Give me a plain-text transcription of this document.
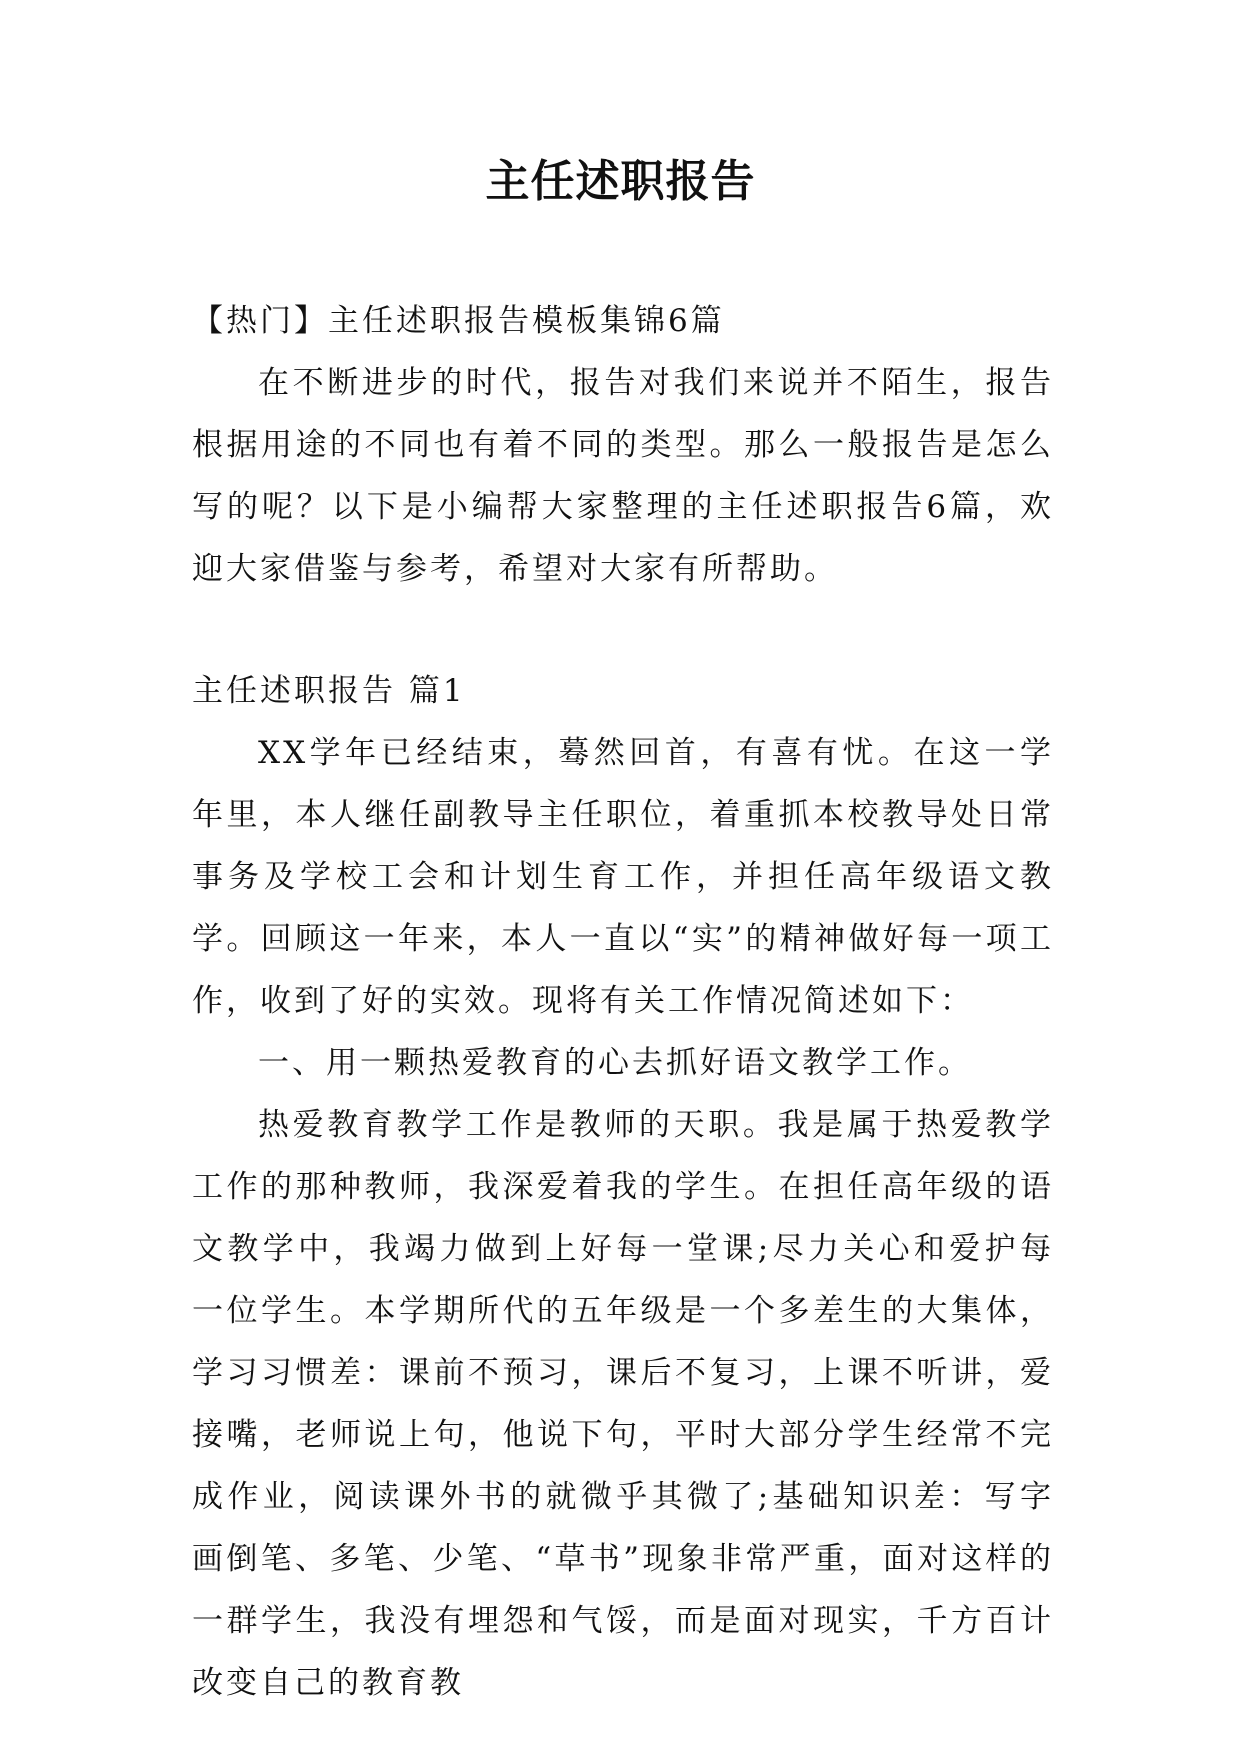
主任述职报告

【热门】主任述职报告模板集锦6篇

在不断进步的时代，报告对我们来说并不陌生，报告根据用途的不同也有着不同的类型。那么一般报告是怎么写的呢？以下是小编帮大家整理的主任述职报告6篇，欢迎大家借鉴与参考，希望对大家有所帮助。

主任述职报告 篇1

XX学年已经结束，蓦然回首，有喜有忧。在这一学年里，本人继任副教导主任职位，着重抓本校教导处日常事务及学校工会和计划生育工作，并担任高年级语文教学。回顾这一年来，本人一直以“实”的精神做好每一项工作，收到了好的实效。现将有关工作情况简述如下：

一、用一颗热爱教育的心去抓好语文教学工作。

热爱教育教学工作是教师的天职。我是属于热爱教学工作的那种教师，我深爱着我的学生。在担任高年级的语文教学中，我竭力做到上好每一堂课;尽力关心和爱护每一位学生。本学期所代的五年级是一个多差生的大集体，学习习惯差：课前不预习，课后不复习，上课不听讲，爱接嘴，老师说上句，他说下句，平时大部分学生经常不完成作业，阅读课外书的就微乎其微了;基础知识差：写字画倒笔、多笔、少笔、“草书”现象非常严重，面对这样的一群学生，我没有埋怨和气馁，而是面对现实，千方百计改变自己的教育教
